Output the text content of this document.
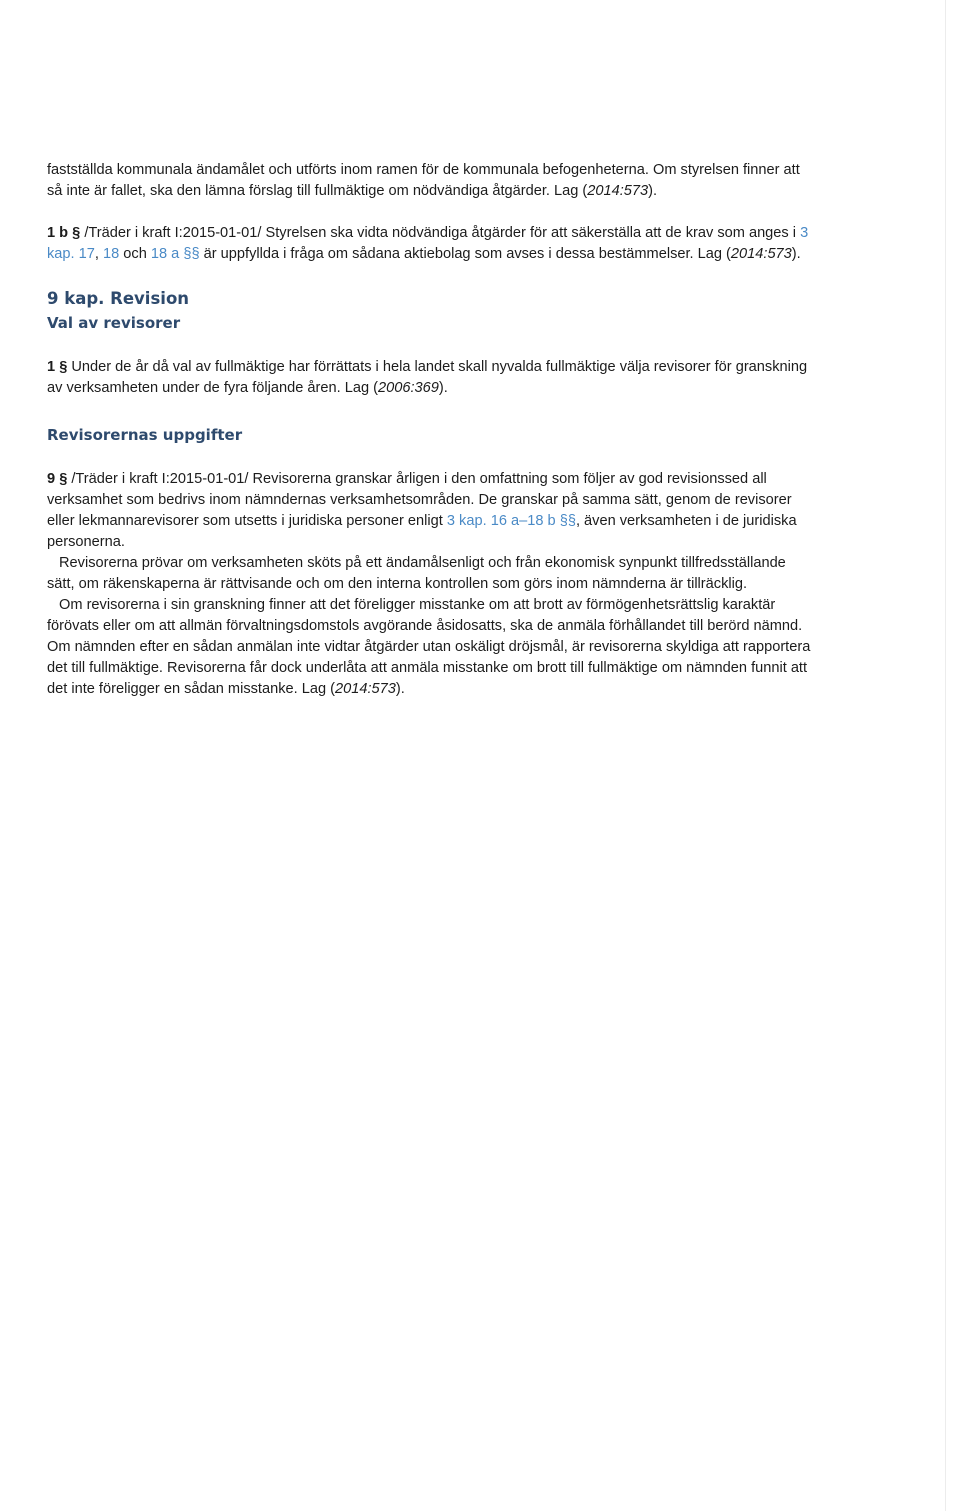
fastställda kommunala ändamålet och utförts inom ramen för de kommunala befogenheterna. Om styrelsen finner att så inte är fallet, ska den lämna förslag till fullmäktige om nödvändiga åtgärder. Lag (2014:573).

1 b § /Träder i kraft I:2015-01-01/ Styrelsen ska vidta nödvändiga åtgärder för att säkerställa att de krav som anges i 3 kap. 17, 18 och 18 a §§ är uppfyllda i fråga om sådana aktiebolag som avses i dessa bestämmelser. Lag (2014:573).

9 kap. Revision
Val av revisorer

1 § Under de år då val av fullmäktige har förrättats i hela landet skall nyvalda fullmäktige välja revisorer för granskning av verksamheten under de fyra följande åren. Lag (2006:369).

Revisorernas uppgifter

9 § /Träder i kraft I:2015-01-01/ Revisorerna granskar årligen i den omfattning som följer av god revisionssed all verksamhet som bedrivs inom nämndernas verksamhetsområden. De granskar på samma sätt, genom de revisorer eller lekmannarevisorer som utsetts i juridiska personer enligt 3 kap. 16 a–18 b §§, även verksamheten i de juridiska personerna.

Revisorerna prövar om verksamheten sköts på ett ändamålsenligt och från ekonomisk synpunkt tillfredsställande sätt, om räkenskaperna är rättvisande och om den interna kontrollen som görs inom nämnderna är tillräcklig.

Om revisorerna i sin granskning finner att det föreligger misstanke om att brott av förmögenhetsrättslig karaktär förövats eller om att allmän förvaltningsdomstols avgörande åsidosatts, ska de anmäla förhållandet till berörd nämnd. Om nämnden efter en sådan anmälan inte vidtar åtgärder utan oskäligt dröjsmål, är revisorerna skyldiga att rapportera det till fullmäktige. Revisorerna får dock underlåta att anmäla misstanke om brott till fullmäktige om nämnden funnit att det inte föreligger en sådan misstanke. Lag (2014:573).
